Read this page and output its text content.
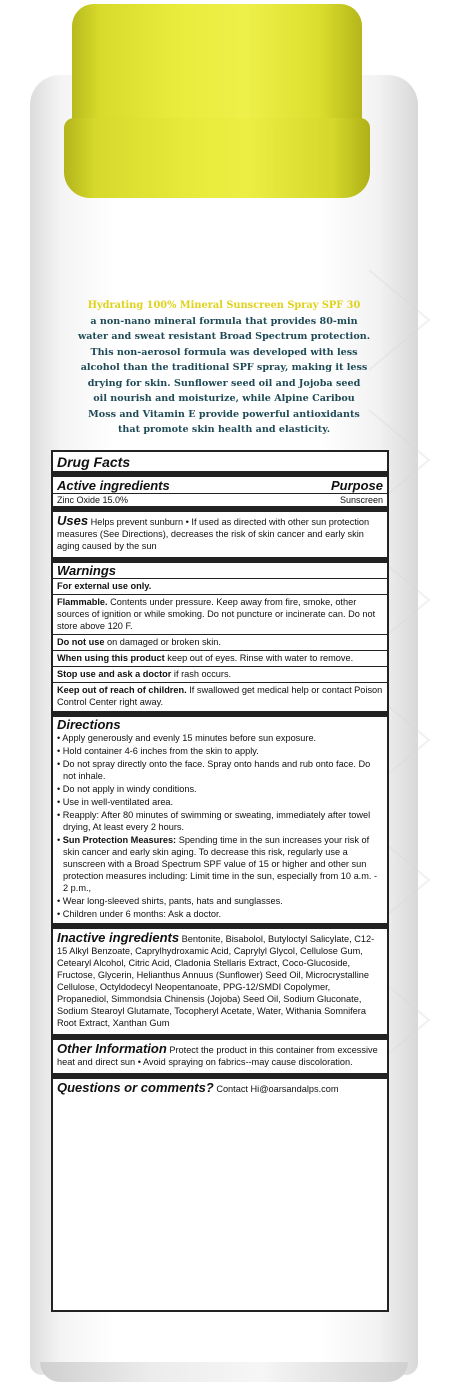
Hydrating 100% Mineral Sunscreen Spray SPF 30
a non-nano mineral formula that provides 80-min
water and sweat resistant Broad Spectrum protection.
This non-aerosol formula was developed with less
alcohol than the traditional SPF spray, making it less
drying for skin. Sunflower seed oil and Jojoba seed
oil nourish and moisturize, while Alpine Caribou
Moss and Vitamin E provide powerful antioxidants
that promote skin health and elasticity.
Drug Facts
Active ingredients	Purpose
Zinc Oxide 15.0%	Sunscreen
Uses Helps prevent sunburn • If used as directed with other sun protection measures (See Directions), decreases the risk of skin cancer and early skin aging caused by the sun
Warnings
For external use only.
Flammable. Contents under pressure. Keep away from fire, smoke, other sources of ignition or while smoking. Do not puncture or incinerate can. Do not store above 120 F.
Do not use on damaged or broken skin.
When using this product keep out of eyes. Rinse with water to remove.
Stop use and ask a doctor if rash occurs.
Keep out of reach of children. If swallowed get medical help or contact Poison Control Center right away.
Directions
• Apply generously and evenly 15 minutes before sun exposure.
• Hold container 4-6 inches from the skin to apply.
• Do not spray directly onto the face. Spray onto hands and rub onto face. Do not inhale.
• Do not apply in windy conditions.
• Use in well-ventilated area.
• Reapply: After 80 minutes of swimming or sweating, immediately after towel drying, At least every 2 hours.
• Sun Protection Measures: Spending time in the sun increases your risk of skin cancer and early skin aging. To decrease this risk, regularly use a sunscreen with a Broad Spectrum SPF value of 15 or higher and other sun protection measures including: Limit time in the sun, especially from 10 a.m. - 2 p.m.,
• Wear long-sleeved shirts, pants, hats and sunglasses.
• Children under 6 months: Ask a doctor.
Inactive ingredients Bentonite, Bisabolol, Butyloctyl Salicylate, C12-15 Alkyl Benzoate, Caprylhydroxamic Acid, Caprylyl Glycol, Cellulose Gum, Cetearyl Alcohol, Citric Acid, Cladonia Stellaris Extract, Coco-Glucoside, Fructose, Glycerin, Helianthus Annuus (Sunflower) Seed Oil, Microcrystalline Cellulose, Octyldodecyl Neopentanoate, PPG-12/SMDI Copolymer, Propanediol, Simmondsia Chinensis (Jojoba) Seed Oil, Sodium Gluconate, Sodium Stearoyl Glutamate, Tocopheryl Acetate, Water, Withania Somnifera Root Extract, Xanthan Gum
Other Information Protect the product in this container from excessive heat and direct sun • Avoid spraying on fabrics--may cause discoloration.
Questions or comments? Contact Hi@oarsandalps.com
